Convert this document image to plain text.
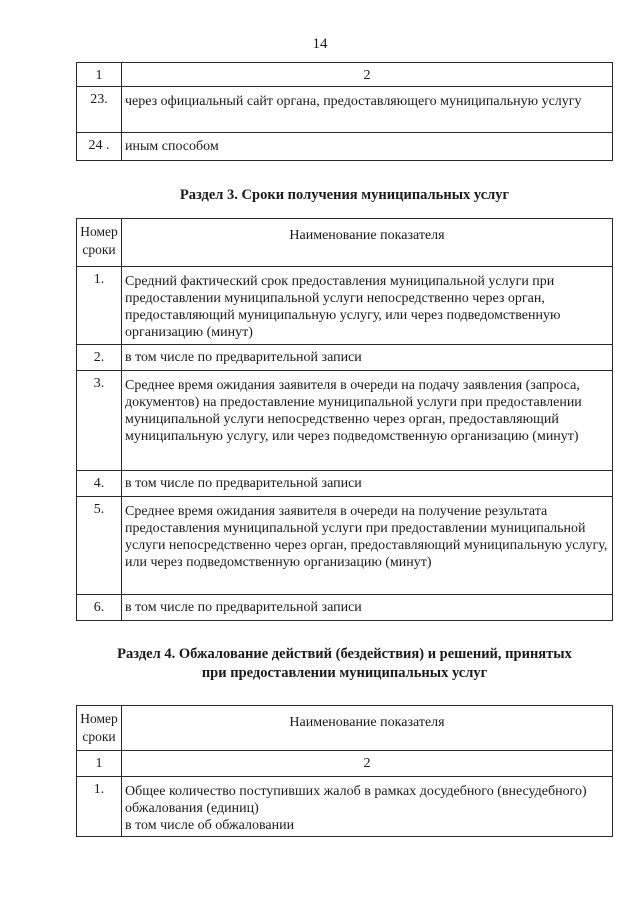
14
1	2
23.	через официальный сайт органа, предоставляющего муниципальную услугу
24 .	иным способом
Раздел 3. Сроки получения муниципальных услуг
Номер сроки	Наименование показателя
1.	Средний фактический срок предоставления муниципальной услуги при предоставлении муниципальной услуги непосредственно через орган, предоставляющий муниципальную услугу, или через подведомственную организацию (минут)
2.	в том числе по предварительной записи
3.	Среднее время ожидания заявителя в очереди на подачу заявления (запроса, документов) на предоставление муниципальной услуги при предоставлении муниципальной услуги непосредственно через орган, предоставляющий муниципальную услугу, или через подведомственную организацию (минут)
4.	в том числе по предварительной записи
5.	Среднее время ожидания заявителя в очереди на получение результата предоставления муниципальной услуги при предоставлении муниципальной услуги непосредственно через орган, предоставляющий муниципальную услугу, или через подведомственную организацию (минут)
6.	в том числе по предварительной записи
Раздел 4. Обжалование действий (бездействия) и решений, принятых
при предоставлении муниципальных услуг
Номер сроки	Наименование показателя
1	2
1.	Общее количество поступивших жалоб в рамках досудебного (внесудебного) обжалования (единиц)
в том числе об обжаловании
